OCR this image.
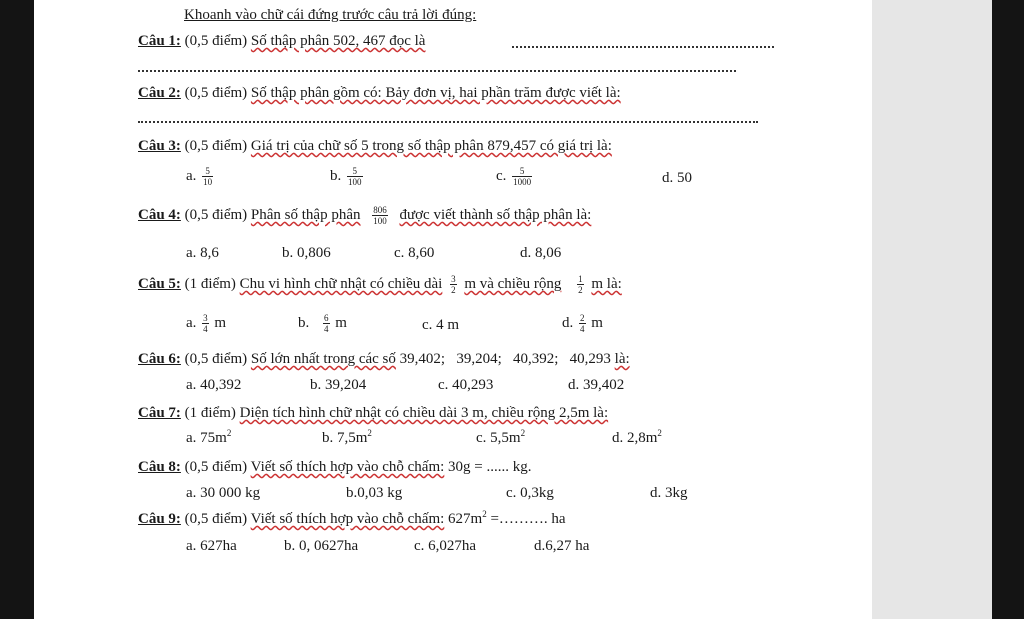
Khoanh vào chữ cái đứng trước câu trả lời đúng:
Câu 1: (0,5 điểm) Số thập phân 502, 467 đọc là
Câu 2: (0,5 điểm) Số thập phân gồm có: Bảy đơn vị, hai phần trăm được viết là:
Câu 3: (0,5 điểm) Giá trị của chữ số 5 trong số thập phân 879,457 có giá trị là:
a. $\frac{5}{10}$	b. $\frac{5}{100}$	c. $\frac{5}{1000}$	d. 50
Câu 4: (0,5 điểm) Phân số thập phân $\frac{806}{100}$ được viết thành số thập phân là:
a. 8,6	b. 0,806	c. 8,60	d. 8,06
Câu 5: (1 điểm) Chu vi hình chữ nhật có chiều dài $\frac{3}{2}$ m và chiều rộng $\frac{1}{2}$ m là:
a. $\frac{3}{4}$ m	b. $\frac{6}{4}$ m	c. 4 m	d. $\frac{2}{4}$ m
Câu 6: (0,5 điểm) Số lớn nhất trong các số 39,402;   39,204;   40,392;   40,293 là:
a. 40,392	b. 39,204	c. 40,293	d. 39,402
Câu 7: (1 điểm) Diện tích hình chữ nhật có chiều dài 3 m, chiều rộng 2,5m là:
a. $75m^2$	b. $7,5m^2$	c. $5,5m^2$	d. $2,8m^2$
Câu 8: (0,5 điểm) Viết số thích hợp vào chỗ chấm: 30g = ...... kg.
a. 30 000 kg	b.0,03 kg	c. 0,3kg	d. 3kg
Câu 9: (0,5 điểm) Viết số thích hợp vào chỗ chấm: $627m^2$ =………. ha
a. 627ha	b. 0, 0627ha	c. 6,027ha	d.6,27 ha
